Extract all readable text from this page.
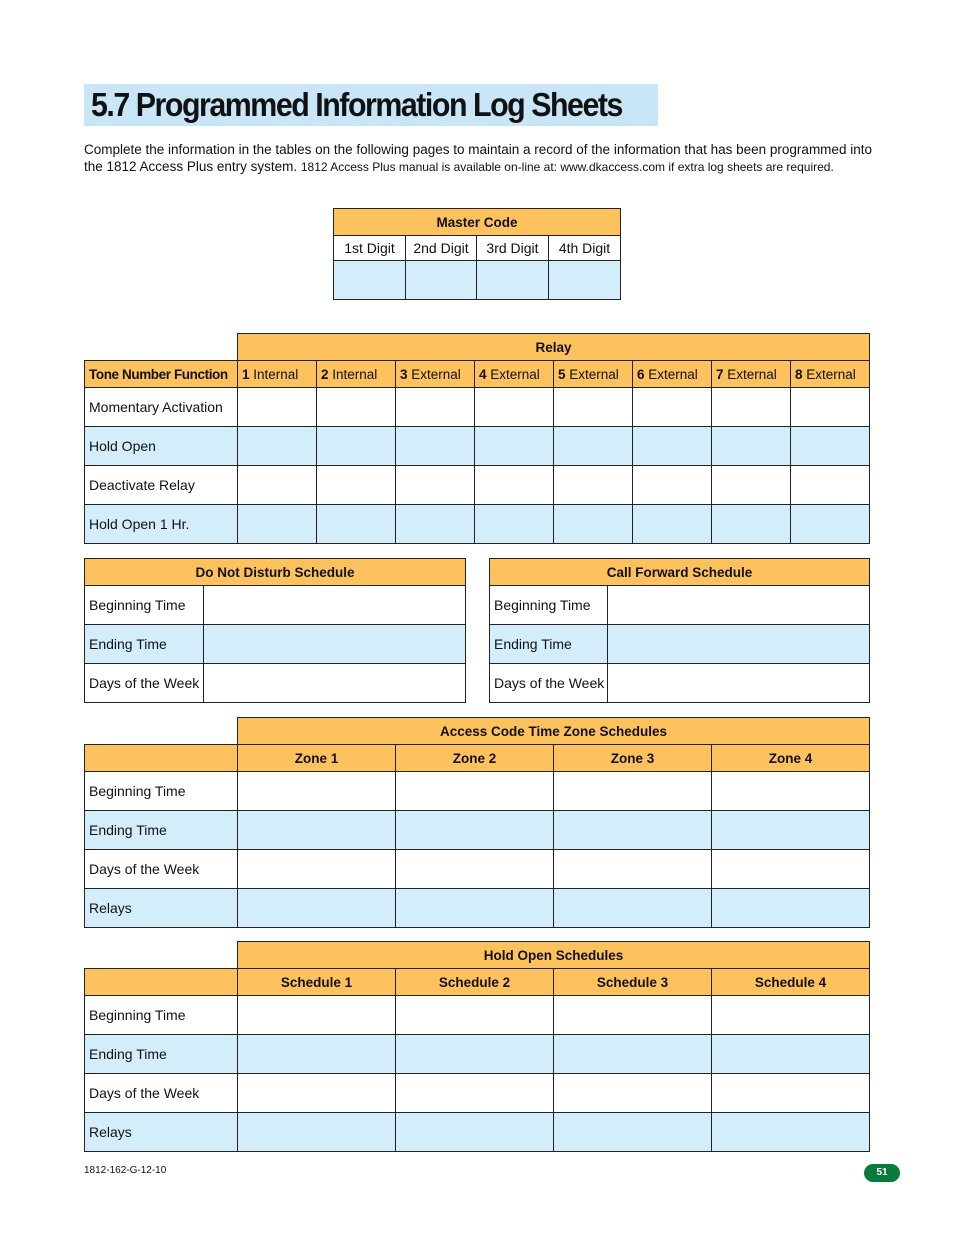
5.7 Programmed Information Log Sheets
Complete the information in the tables on the following pages to maintain a record of the information that has been programmed into the 1812 Access Plus entry system. 1812 Access Plus manual is available on-line at: www.dkaccess.com if extra log sheets are required.
Master Code			
1st Digit	2nd Digit	3rd Digit	4th Digit

	Relay							
Tone Number Function	1 Internal	2 Internal	3 External	4 External	5 External	6 External	7 External	8 External
Momentary Activation								
Hold Open								
Deactivate Relay								
Hold Open 1 Hr.								
Do Not Disturb Schedule	
Beginning Time	
Ending Time	
Days of the Week	
Call Forward Schedule	
Beginning Time	
Ending Time	
Days of the Week	
	Access Code Time Zone Schedules			
	Zone 1	Zone 2	Zone 3	Zone 4
Beginning Time				
Ending Time				
Days of the Week				
Relays				
	Hold Open Schedules			
	Schedule 1	Schedule 2	Schedule 3	Schedule 4
Beginning Time				
Ending Time				
Days of the Week				
Relays				
1812-162-G-12-10	51
